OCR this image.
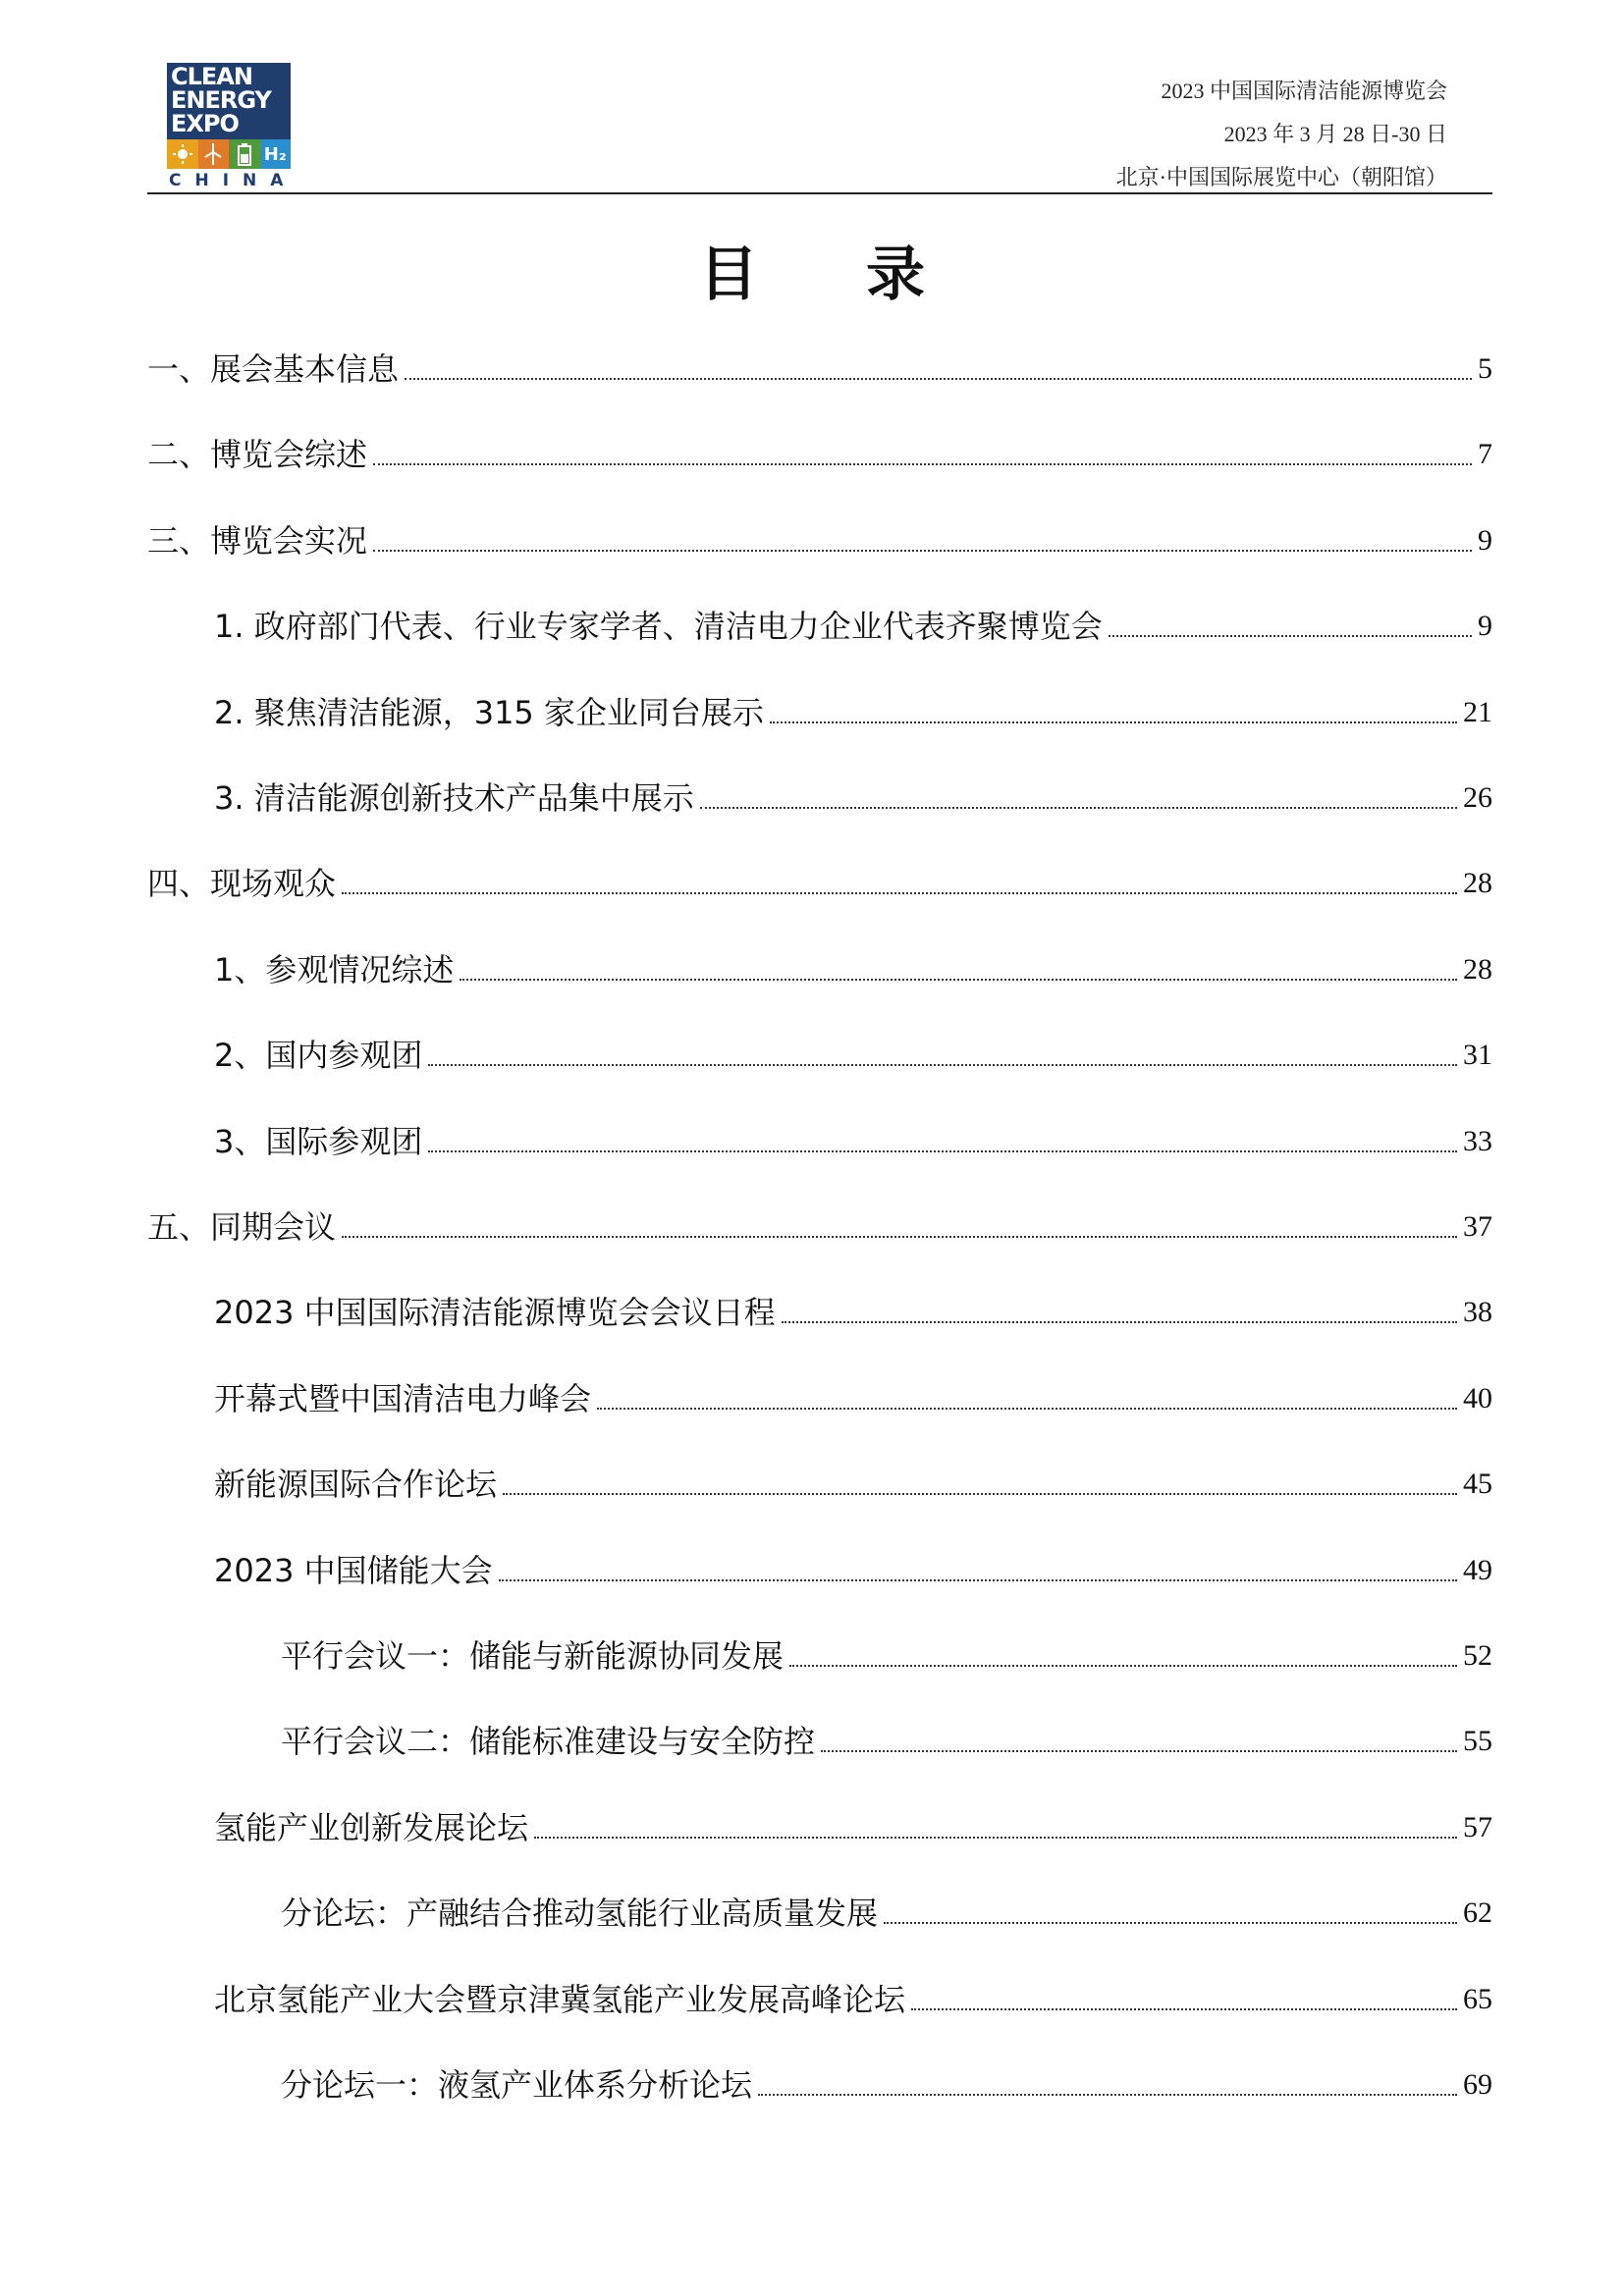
CLEAN
ENERGY
EXPO
H₂
CHINA
2023 中国国际清洁能源博览会
2023 年 3 月 28 日-30 日
北京·中国国际展览中心（朝阳馆）
目录
一、展会基本信息	5
二、博览会综述	7
三、博览会实况	9
1. 政府部门代表、行业专家学者、清洁电力企业代表齐聚博览会	9
2. 聚焦清洁能源，315 家企业同台展示	21
3. 清洁能源创新技术产品集中展示	26
四、现场观众	28
1、参观情况综述	28
2、国内参观团	31
3、国际参观团	33
五、同期会议	37
2023 中国国际清洁能源博览会会议日程	38
开幕式暨中国清洁电力峰会	40
新能源国际合作论坛	45
2023 中国储能大会	49
平行会议一：储能与新能源协同发展	52
平行会议二：储能标准建设与安全防控	55
氢能产业创新发展论坛	57
分论坛：产融结合推动氢能行业高质量发展	62
北京氢能产业大会暨京津冀氢能产业发展高峰论坛	65
分论坛一：液氢产业体系分析论坛	69
